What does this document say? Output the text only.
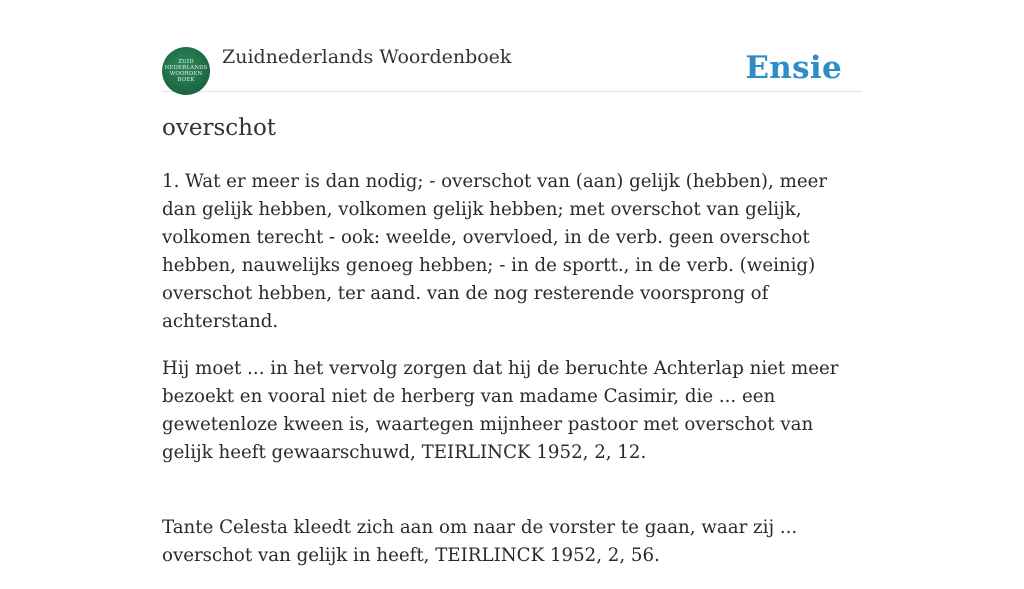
ZUID
NEDERLANDS
WOORDEN
BOEK
Zuidnederlands Woordenboek	Ensie
overschot

1. Wat er meer is dan nodig; - overschot van (aan) gelijk (hebben), meer dan gelijk hebben, volkomen gelijk hebben; met overschot van gelijk, volkomen terecht - ook: weelde, overvloed, in de verb. geen overschot hebben, nauwelijks genoeg hebben; - in de sportt., in de verb. (weinig) overschot hebben, ter aand. van de nog resterende voorsprong of achterstand.

Hij moet ... in het vervolg zorgen dat hij de beruchte Achterlap niet meer bezoekt en vooral niet de herberg van madame Casimir, die ... een gewetenloze kween is, waartegen mijnheer pastoor met overschot van gelijk heeft gewaarschuwd, TEIRLINCK 1952, 2, 12.

Tante Celesta kleedt zich aan om naar de vorster te gaan, waar zij ... overschot van gelijk in heeft, TEIRLINCK 1952, 2, 56.
